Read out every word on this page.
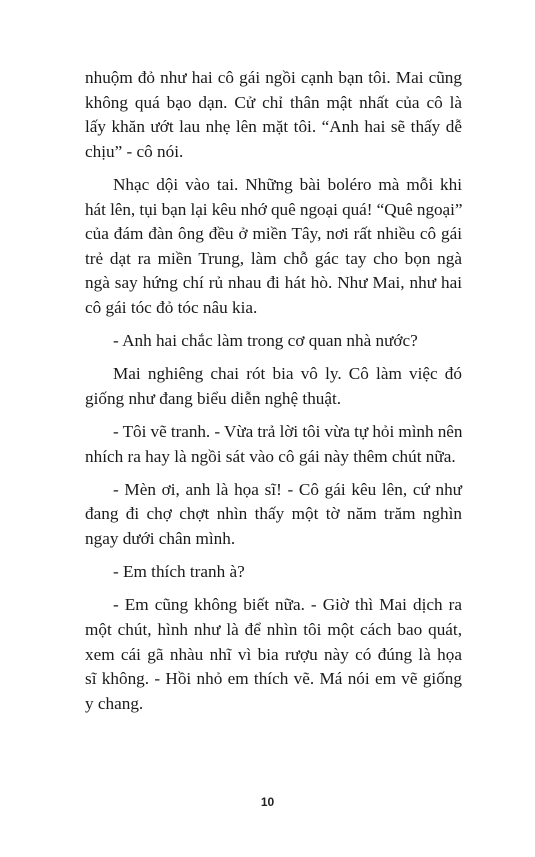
nhuộm đỏ như hai cô gái ngồi cạnh bạn tôi. Mai cũng
không quá bạo dạn. Cử chỉ thân mật nhất của cô là
lấy khăn ướt lau nhẹ lên mặt tôi. “Anh hai sẽ thấy dễ
chịu” - cô nói.

Nhạc dội vào tai. Những bài boléro mà mỗi khi
hát lên, tụi bạn lại kêu nhớ quê ngoại quá! “Quê ngoại”
của đám đàn ông đều ở miền Tây, nơi rất nhiều cô gái
trẻ dạt ra miền Trung, làm chỗ gác tay cho bọn ngà
ngà say hứng chí rủ nhau đi hát hò. Như Mai, như hai
cô gái tóc đỏ tóc nâu kia.

- Anh hai chắc làm trong cơ quan nhà nước?

Mai nghiêng chai rót bia vô ly. Cô làm việc đó
giống như đang biểu diễn nghệ thuật.

- Tôi vẽ tranh. - Vừa trả lời tôi vừa tự hỏi mình nên
nhích ra hay là ngồi sát vào cô gái này thêm chút nữa.

- Mèn ơi, anh là họa sĩ! - Cô gái kêu lên, cứ như
đang đi chợ chợt nhìn thấy một tờ năm trăm nghìn
ngay dưới chân mình.

- Em thích tranh à?

- Em cũng không biết nữa. - Giờ thì Mai dịch ra
một chút, hình như là để nhìn tôi một cách bao quát,
xem cái gã nhàu nhĩ vì bia rượu này có đúng là họa
sĩ không. - Hồi nhỏ em thích vẽ. Má nói em vẽ giống
y chang.

10
